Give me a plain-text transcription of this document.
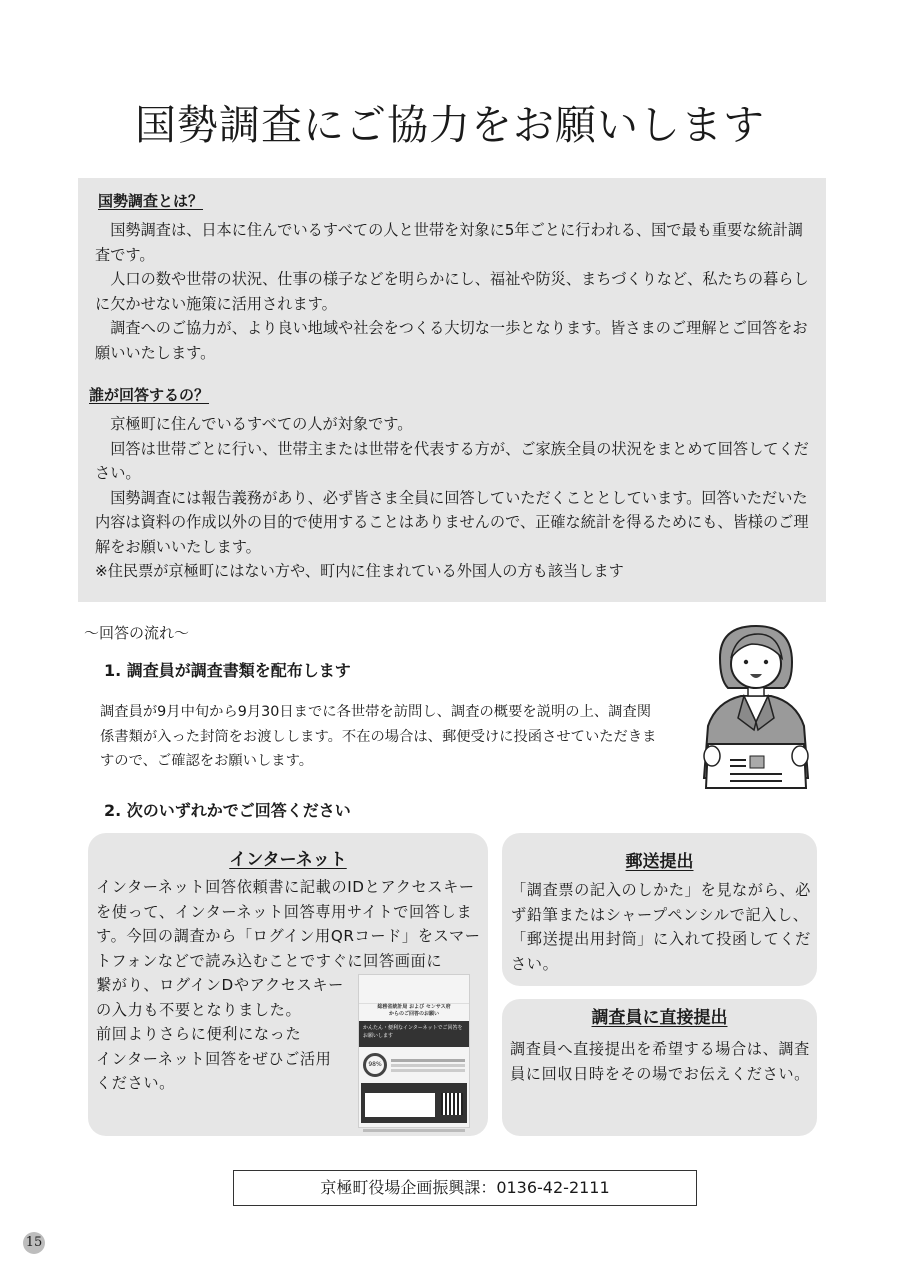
国勢調査にご協力をお願いします
国勢調査とは？

国勢調査は、日本に住んでいるすべての人と世帯を対象に5年ごとに行われる、国で最も重要な統計調査です。

人口の数や世帯の状況、仕事の様子などを明らかにし、福祉や防災、まちづくりなど、私たちの暮らしに欠かせない施策に活用されます。

調査へのご協力が、より良い地域や社会をつくる大切な一歩となります。皆さまのご理解とご回答をお願いいたします。

誰が回答するの？

京極町に住んでいるすべての人が対象です。

回答は世帯ごとに行い、世帯主または世帯を代表する方が、ご家族全員の状況をまとめて回答してください。

国勢調査には報告義務があり、必ず皆さま全員に回答していただくこととしています。回答いただいた内容は資料の作成以外の目的で使用することはありませんので、正確な統計を得るためにも、皆様のご理解をお願いいたします。

※住民票が京極町にはない方や、町内に住まれている外国人の方も該当します

～回答の流れ～
1. 調査員が調査書類を配布します
調査員が9月中旬から9月30日までに各世帯を訪問し、調査の概要を説明の上、調査関係書類が入った封筒をお渡しします。不在の場合は、郵便受けに投函させていただきますので、ご確認をお願いします。
2. 次のいずれかでご回答ください
インターネット
インターネット回答依頼書に記載のIDとアクセスキーを使って、インターネット回答専用サイトで回答します。今回の調査から「ログイン用QRコード」をスマートフォンなどで読み込むことですぐに回答画面に
繋がり、ログインDやアクセスキー
の入力も不要となりました。
前回よりさらに便利になった
インターネット回答をぜひご活用
ください。
総務省統計局 および センサス府
からのご回答のお願い
かんたん・便利なインターネットでご回答をお願いします
98%
郵送提出
「調査票の記入のしかた」を見ながら、必ず鉛筆またはシャープペンシルで記入し、「郵送提出用封筒」に入れて投函してください。
調査員に直接提出
調査員へ直接提出を希望する場合は、調査員に回収日時をその場でお伝えください。
京極町役場企画振興課：0136-42-2111
15
